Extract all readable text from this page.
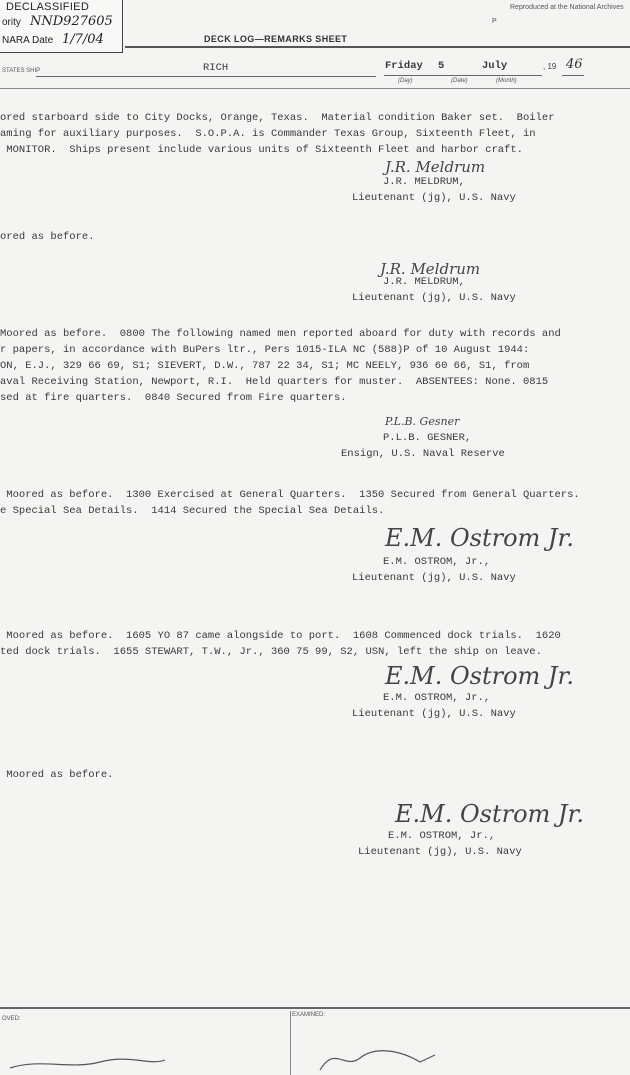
DECLASSIFIED
ority NND927605
NARA Date 1/7/04
Reproduced at the National Archives
P
DECK LOG—REMARKS SHEET
STATES SHIP	RICH	Friday 5	July	, 19 46
(Day)	(Date)	(Month)
ored starboard side to City Docks, Orange, Texas.  Material condition Baker set.  Boiler
aming for auxiliary purposes.  S.O.P.A. is Commander Texas Group, Sixteenth Fleet, in
MONITOR.  Ships present include various units of Sixteenth Fleet and harbor craft.
J.R. Meldrum
J.R. MELDRUM,
Lieutenant (jg), U.S. Navy
ored as before.
J.R. Meldrum
J.R. MELDRUM,
Lieutenant (jg), U.S. Navy
Moored as before.  0800 The following named men reported aboard for duty with records and
r papers, in accordance with BuPers ltr., Pers 1015-ILA NC (588)P of 10 August 1944:
ON, E.J., 329 66 69, S1; SIEVERT, D.W., 787 22 34, S1; MC NEELY, 936 60 66, S1, from
aval Receiving Station, Newport, R.I.  Held quarters for muster.  ABSENTEES: None. 0815
sed at fire quarters.  0840 Secured from Fire quarters.
P.L.B. Gesner
P.L.B. GESNER,
Ensign, U.S. Naval Reserve
Moored as before.  1300 Exercised at General Quarters.  1350 Secured from General Quarters.
e Special Sea Details.  1414 Secured the Special Sea Details.
E.M. Ostrom Jr.
E.M. OSTROM, Jr.,
Lieutenant (jg), U.S. Navy
Moored as before.  1605 YO 87 came alongside to port.  1608 Commenced dock trials.  1620
ted dock trials.  1655 STEWART, T.W., Jr., 360 75 99, S2, USN, left the ship on leave.
E.M. Ostrom Jr.
E.M. OSTROM, Jr.,
Lieutenant (jg), U.S. Navy
Moored as before.
E.M. Ostrom Jr.
E.M. OSTROM, Jr.,
Lieutenant (jg), U.S. Navy
OVED:
EXAMINED:
